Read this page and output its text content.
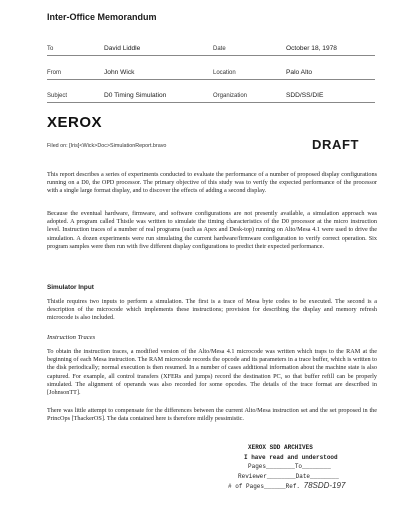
Inter-Office Memorandum
To	David Liddle	Date	October 18, 1978
From	John Wick	Location	Palo Alto
Subject	D0 Timing Simulation	Organization	SDD/SS/DIE
XEROX
Filed on: [Iris]<Wick>Doc>SimulationReport.bravo	DRAFT
This report describes a series of experiments conducted to evaluate the performance of a number of proposed display configurations running on a D0, the OPD processor. The primary objective of this study was to verify the expected performance of the processor with a single large format display, and to discover the effects of adding a second display.
Because the eventual hardware, firmware, and software configurations are not presently available, a simulation approach was adopted. A program called Thistle was written to simulate the timing characteristics of the D0 processor at the micro instruction level. Instruction traces of a number of real programs (such as Apex and Desk-top) running on Alto/Mesa 4.1 were used to drive the simulation. A dozen experiments were run simulating the current hardware/firmware configuration to verify correct operation. Six program samples were then run with five different display configurations to predict their expected performance.
Simulator Input
Thistle requires two inputs to perform a simulation. The first is a trace of Mesa byte codes to be executed. The second is a description of the microcode which implements these instructions; provision for describing the display and memory refresh microcode is also included.
Instruction Traces
To obtain the instruction traces, a modified version of the Alto/Mesa 4.1 microcode was written which traps to the RAM at the beginning of each Mesa instruction. The RAM microcode records the opcode and its parameters in a trace buffer, which is written to the disk periodically; normal execution is then resumed. In a number of cases additional information about the machine state is also captured. For example, all control transfers (XFERs and jumps) record the destination PC, so that buffer refill can be properly simulated. The alignment of operands was also recorded for some opcodes. The details of the trace format are described in [JohnsonTT].
There was little attempt to compensate for the differences between the current Alto/Mesa instruction set and the set proposed in the PrincOps [ThackerOS]. The data contained here is therefore mildly pessimistic.
XEROX SDD ARCHIVES
I have read and understood
Pages________To________
Reviewer________Date________
# of Pages______Ref. 78SDD-197
